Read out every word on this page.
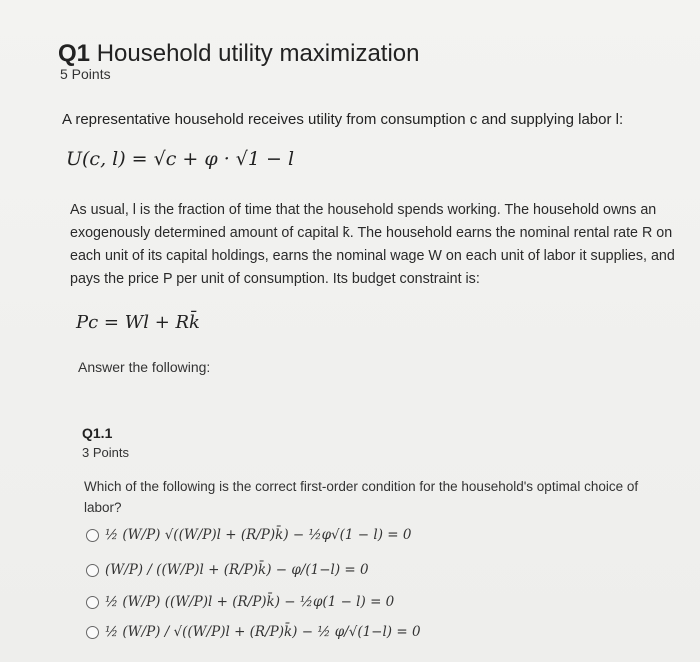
Q1 Household utility maximization
5 Points
A representative household receives utility from consumption c and supplying labor l:
U(c, l) = √c + φ · √1 − l
As usual, l is the fraction of time that the household spends working. The household owns an exogenously determined amount of capital k̄. The household earns the nominal rental rate R on each unit of its capital holdings, earns the nominal wage W on each unit of labor it supplies, and pays the price P per unit of consumption. Its budget constraint is:
Pc = Wl + Rk̄
Answer the following:
Q1.1
3 Points
Which of the following is the correct first-order condition for the household's optimal choice of labor?
½ (W/P) √((W/P)l + (R/P)k̄) − ½φ√(1 − l) = 0
(W/P) / ((W/P)l + (R/P)k̄) − φ/(1−l) = 0
½ (W/P) ((W/P)l + (R/P)k̄) − ½φ(1 − l) = 0
½ (W/P) / √((W/P)l + (R/P)k̄) − ½ φ/√(1−l) = 0
